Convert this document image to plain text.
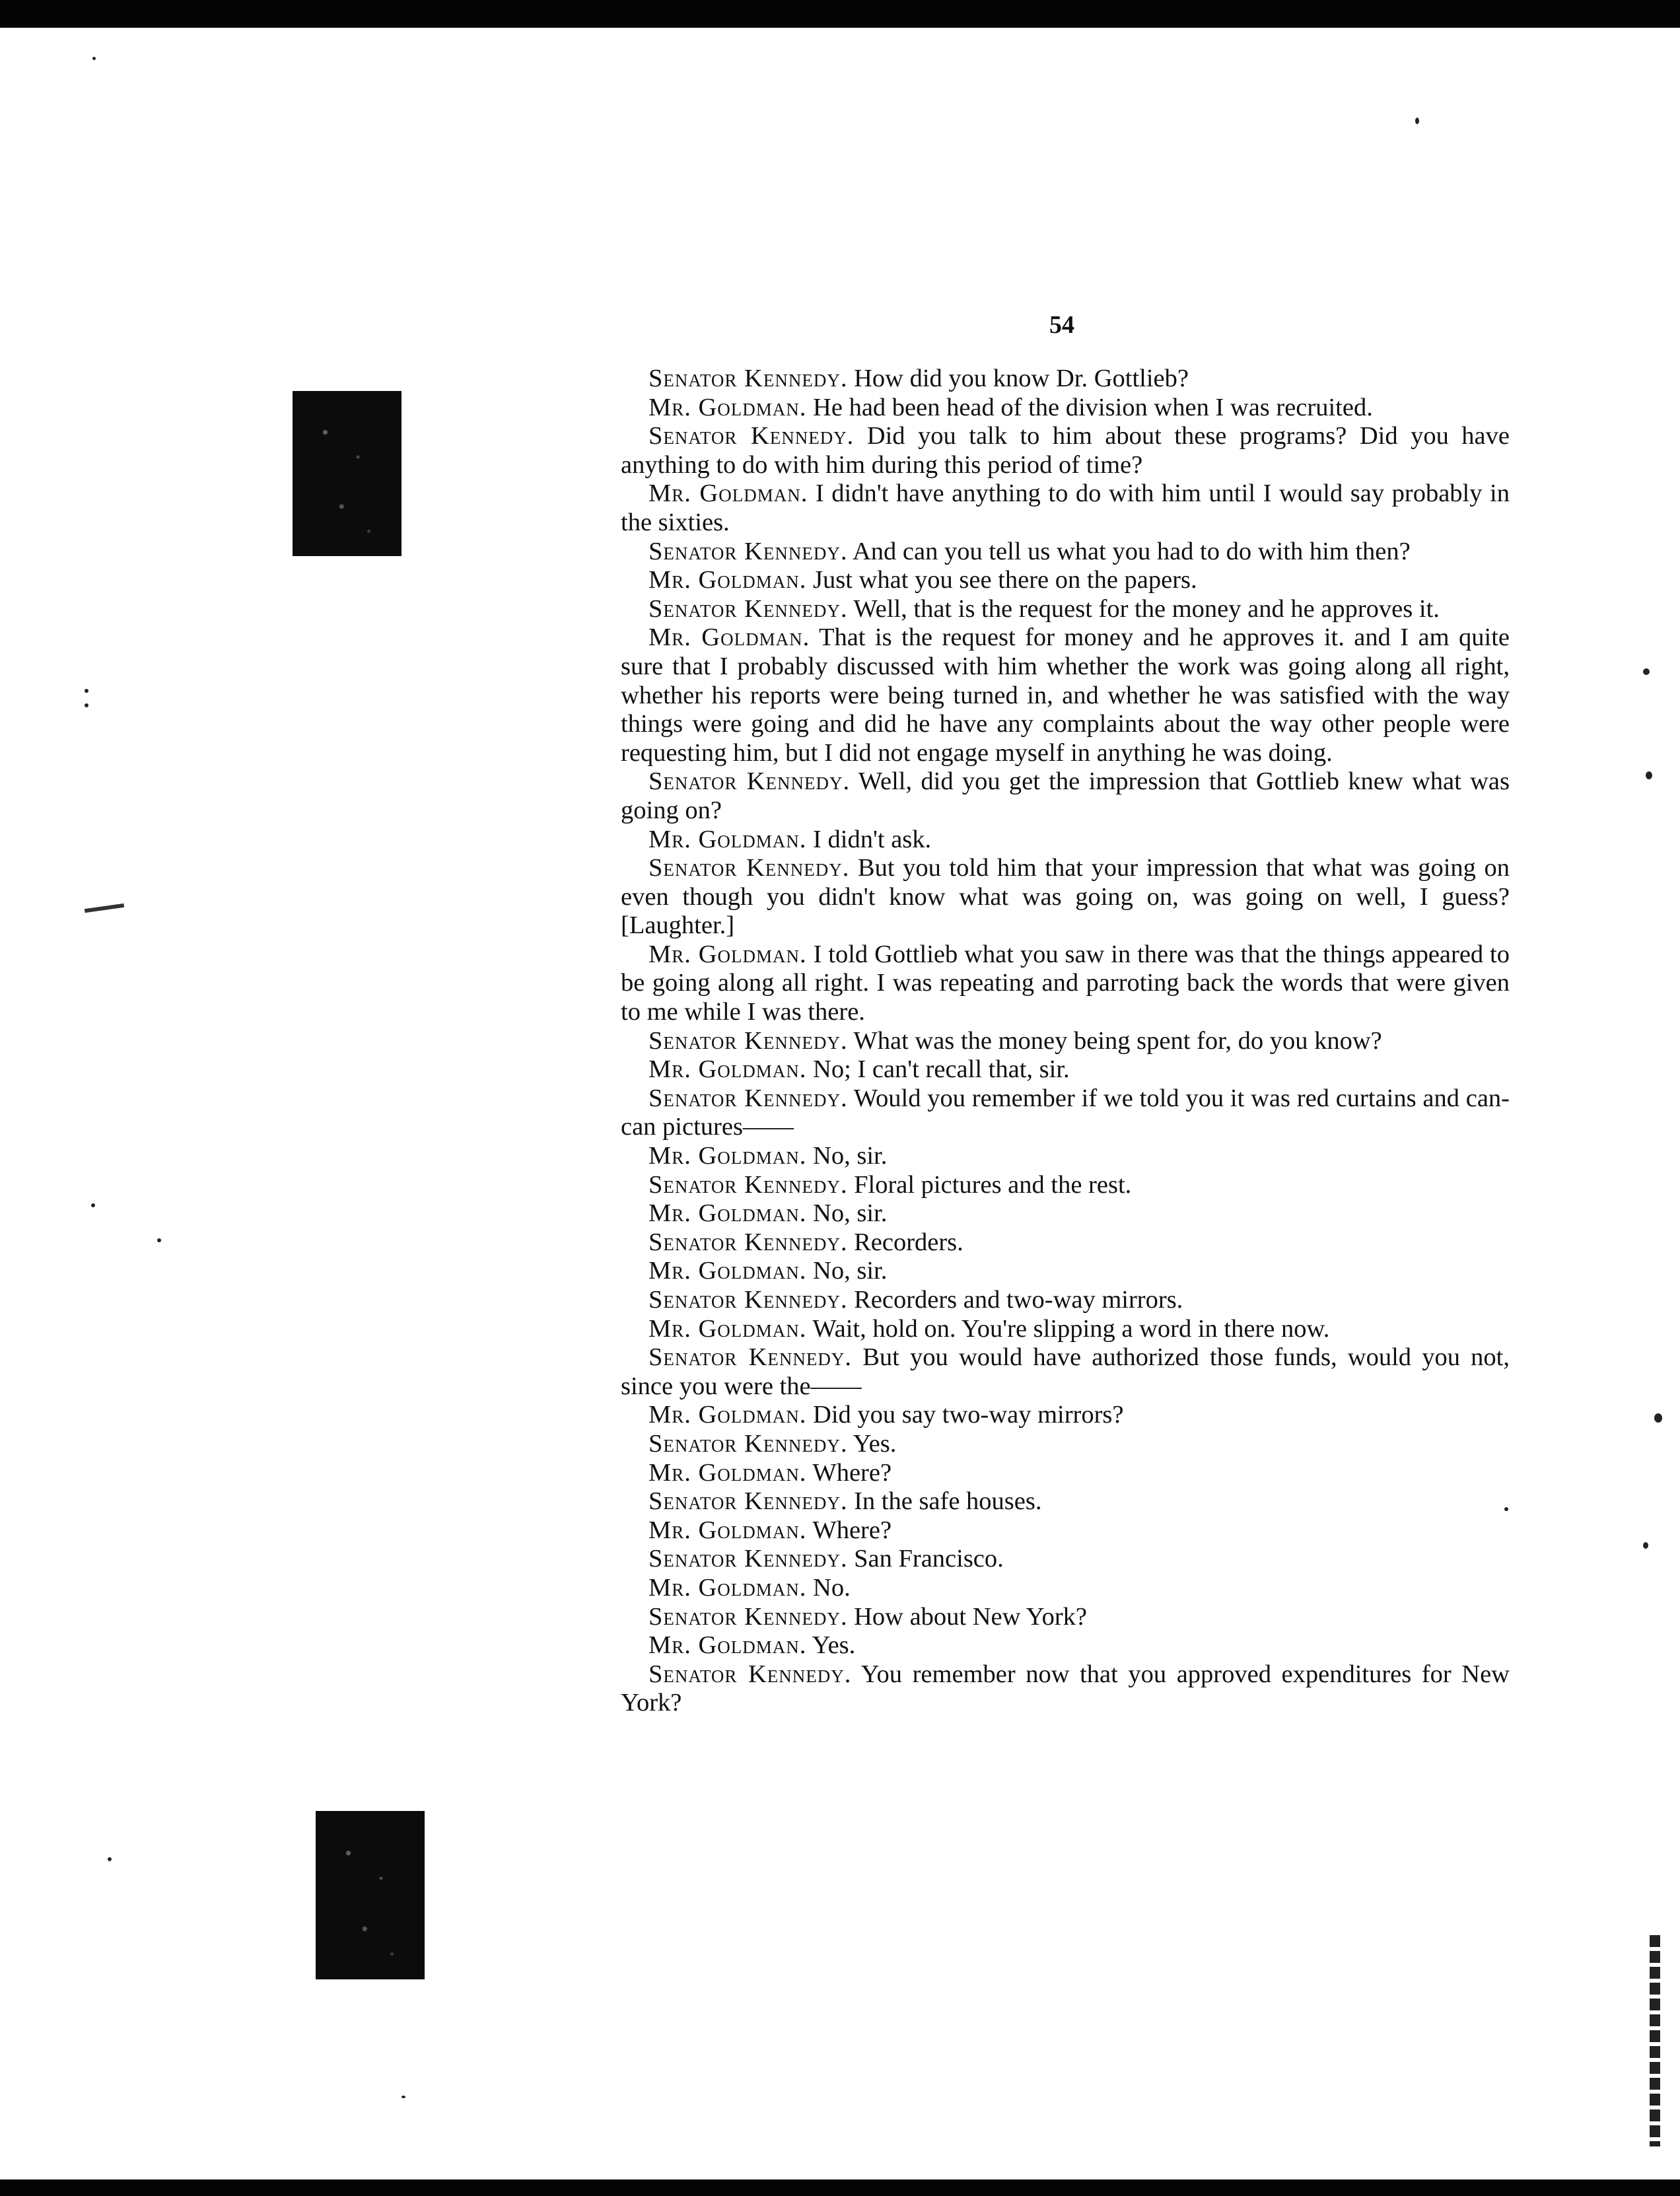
54

Senator Kennedy. How did you know Dr. Gottlieb?

Mr. Goldman. He had been head of the division when I was recruited.

Senator Kennedy. Did you talk to him about these programs? Did you have anything to do with him during this period of time?

Mr. Goldman. I didn't have anything to do with him until I would say probably in the sixties.

Senator Kennedy. And can you tell us what you had to do with him then?

Mr. Goldman. Just what you see there on the papers.

Senator Kennedy. Well, that is the request for the money and he approves it.

Mr. Goldman. That is the request for money and he approves it. and I am quite sure that I probably discussed with him whether the work was going along all right, whether his reports were being turned in, and whether he was satisfied with the way things were going and did he have any complaints about the way other people were requesting him, but I did not engage myself in anything he was doing.

Senator Kennedy. Well, did you get the impression that Gottlieb knew what was going on?

Mr. Goldman. I didn't ask.

Senator Kennedy. But you told him that your impression that what was going on even though you didn't know what was going on, was going on well, I guess? [Laughter.]

Mr. Goldman. I told Gottlieb what you saw in there was that the things appeared to be going along all right. I was repeating and parroting back the words that were given to me while I was there.

Senator Kennedy. What was the money being spent for, do you know?

Mr. Goldman. No; I can't recall that, sir.

Senator Kennedy. Would you remember if we told you it was red curtains and can-can pictures——

Mr. Goldman. No, sir.

Senator Kennedy. Floral pictures and the rest.

Mr. Goldman. No, sir.

Senator Kennedy. Recorders.

Mr. Goldman. No, sir.

Senator Kennedy. Recorders and two-way mirrors.

Mr. Goldman. Wait, hold on. You're slipping a word in there now.

Senator Kennedy. But you would have authorized those funds, would you not, since you were the——

Mr. Goldman. Did you say two-way mirrors?

Senator Kennedy. Yes.

Mr. Goldman. Where?

Senator Kennedy. In the safe houses.

Mr. Goldman. Where?

Senator Kennedy. San Francisco.

Mr. Goldman. No.

Senator Kennedy. How about New York?

Mr. Goldman. Yes.

Senator Kennedy. You remember now that you approved expenditures for New York?
